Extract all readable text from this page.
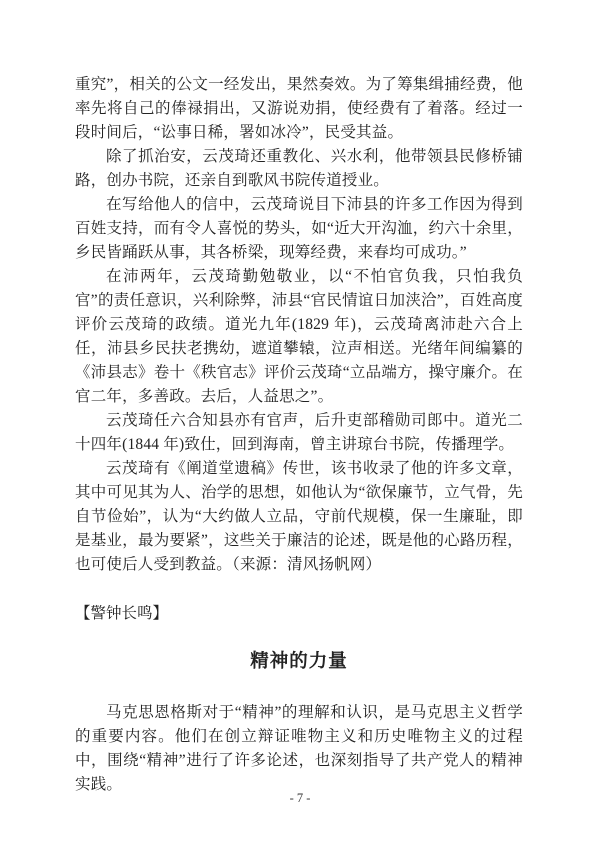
重究”，相关的公文一经发出，果然奏效。为了筹集缉捕经费，他率先将自己的俸禄捐出，又游说劝捐，使经费有了着落。经过一段时间后，“讼事日稀，署如冰冷”，民受其益。

除了抓治安，云茂琦还重教化、兴水利，他带领县民修桥铺路，创办书院，还亲自到歌风书院传道授业。

在写给他人的信中，云茂琦说目下沛县的许多工作因为得到百姓支持，而有令人喜悦的势头，如“近大开沟洫，约六十余里，乡民皆踊跃从事，其各桥梁，现筹经费，来春均可成功。”

在沛两年，云茂琦勤勉敬业，以“不怕官负我，只怕我负官”的责任意识，兴利除弊，沛县“官民情谊日加浃洽”，百姓高度评价云茂琦的政绩。道光九年(1829 年)，云茂琦离沛赴六合上任，沛县乡民扶老携幼，遮道攀辕，泣声相送。光绪年间编纂的《沛县志》卷十《秩官志》评价云茂琦“立品端方，操守廉介。在官二年，多善政。去后，人益思之”。

云茂琦任六合知县亦有官声，后升吏部稽勋司郎中。道光二十四年(1844 年)致仕，回到海南，曾主讲琼台书院，传播理学。

云茂琦有《阐道堂遗稿》传世，该书收录了他的许多文章，其中可见其为人、治学的思想，如他认为“欲保廉节，立气骨，先自节俭始”，认为“大约做人立品，守前代规模，保一生廉耻，即是基业，最为要紧”，这些关于廉洁的论述，既是他的心路历程，也可使后人受到教益。（来源：清风扬帆网）

【警钟长鸣】

精神的力量

马克思恩格斯对于“精神”的理解和认识，是马克思主义哲学的重要内容。他们在创立辩证唯物主义和历史唯物主义的过程中，围绕“精神”进行了许多论述，也深刻指导了共产党人的精神实践。

- 7 -
